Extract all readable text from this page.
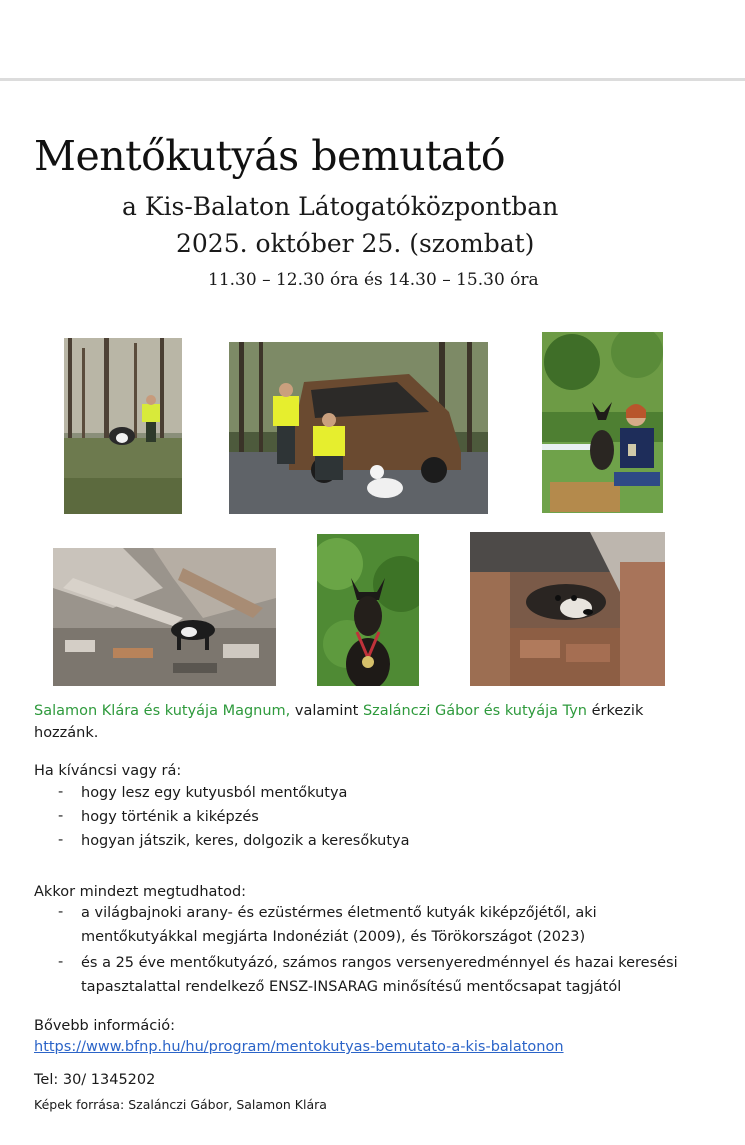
Mentőkutyás bemutató
a Kis-Balaton Látogatóközpontban
2025. október 25. (szombat)
11.30 – 12.30 óra és 14.30 – 15.30 óra
Salamon Klára és kutyája Magnum, valamint Szalánczi Gábor és kutyája Tyn érkezik
hozzánk.
Ha kíváncsi vagy rá:
- hogy lesz egy kutyusból mentőkutya
- hogy történik a kiképzés
- hogyan játszik, keres, dolgozik a keresőkutya
Akkor mindezt megtudhatod:
- a világbajnoki arany- és ezüstérmes életmentő kutyák kiképzőjétől, aki
mentőkutyákkal megjárta Indonéziát (2009), és Törökországot (2023)
- és a 25 éve mentőkutyázó, számos rangos versenyeredménnyel és hazai keresési
tapasztalattal rendelkező ENSZ-INSARAG minősítésű mentőcsapat tagjától
Bővebb információ:
https://www.bfnp.hu/hu/program/mentokutyas-bemutato-a-kis-balatonon
Tel: 30/ 1345202
Képek forrása: Szalánczi Gábor, Salamon Klára
